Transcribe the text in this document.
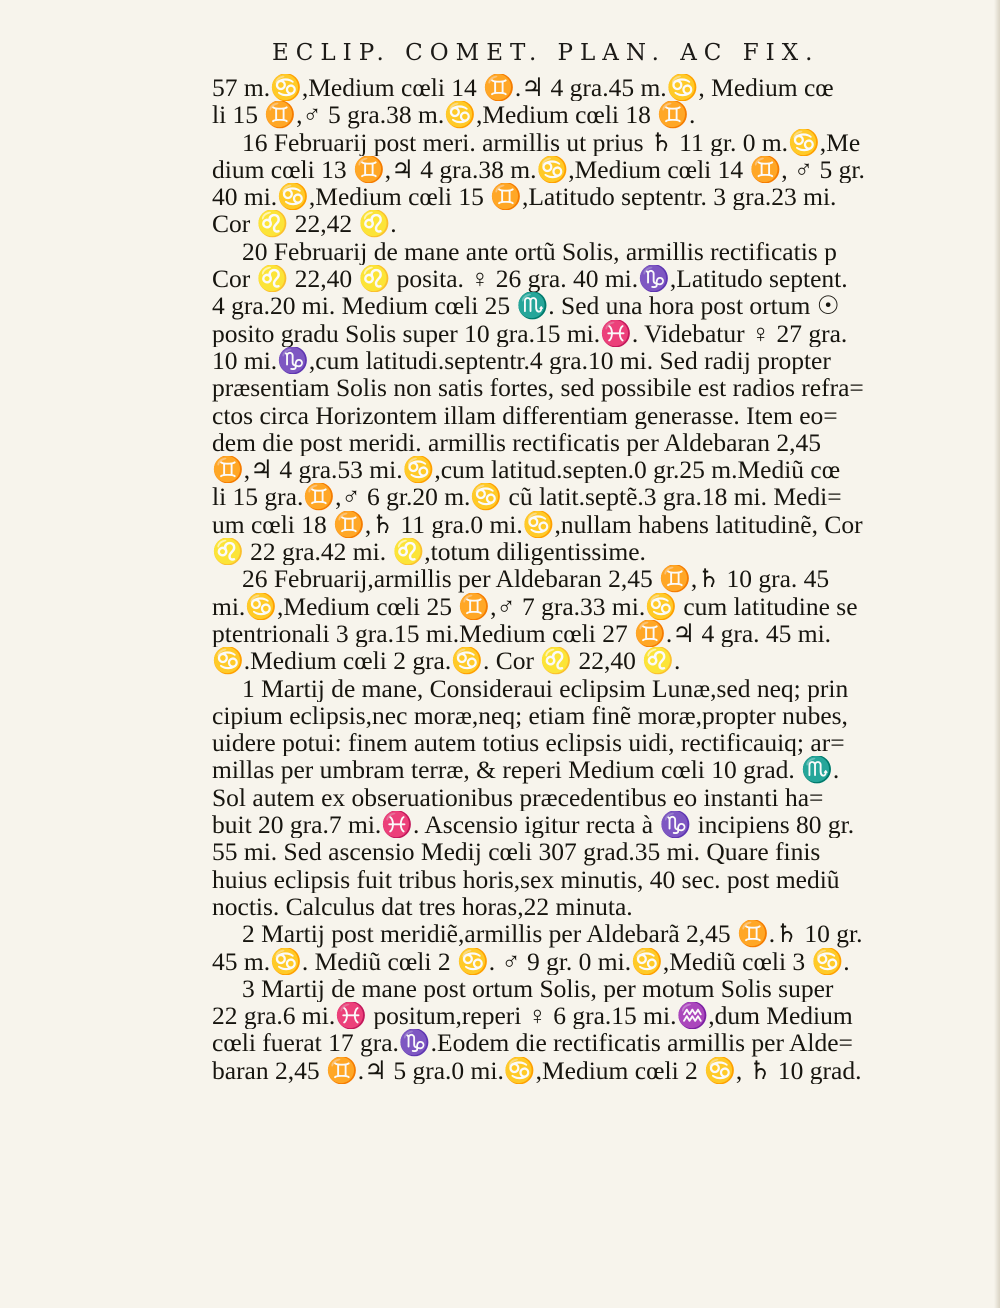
ECLIP. COMET. PLAN. AC FIX.
57 m.♋,Medium cœli 14 ♊.♃ 4 gra.45 m.♋, Medium cœ
li 15 ♊,♂ 5 gra.38 m.♋,Medium cœli 18 ♊.
16 Februarij post meri. armillis ut prius ♄ 11 gr. 0 m.♋,Me
dium cœli 13 ♊,♃ 4 gra.38 m.♋,Medium cœli 14 ♊, ♂ 5 gr.
40 mi.♋,Medium cœli 15 ♊,Latitudo septentr. 3 gra.23 mi.
Cor ♌ 22,42 ♌.
20 Februarij de mane ante ortũ Solis, armillis rectificatis p
Cor ♌ 22,40 ♌ posita. ♀ 26 gra. 40 mi.♑,Latitudo septent.
4 gra.20 mi. Medium cœli 25 ♏. Sed una hora post ortum ☉
posito gradu Solis super 10 gra.15 mi.♓. Videbatur ♀ 27 gra.
10 mi.♑,cum latitudi.septentr.4 gra.10 mi. Sed radij propter
præsentiam Solis non satis fortes, sed possibile est radios refra=
ctos circa Horizontem illam differentiam generasse. Item eo=
dem die post meridi. armillis rectificatis per Aldebaran 2,45
♊,♃ 4 gra.53 mi.♋,cum latitud.septen.0 gr.25 m.Mediũ cœ
li 15 gra.♊,♂ 6 gr.20 m.♋ cũ latit.septẽ.3 gra.18 mi. Medi=
um cœli 18 ♊,♄ 11 gra.0 mi.♋,nullam habens latitudinẽ, Cor
♌ 22 gra.42 mi. ♌,totum diligentissime.
26 Februarij,armillis per Aldebaran 2,45 ♊,♄ 10 gra. 45
mi.♋,Medium cœli 25 ♊,♂ 7 gra.33 mi.♋ cum latitudine se
ptentrionali 3 gra.15 mi.Medium cœli 27 ♊.♃ 4 gra. 45 mi.
♋.Medium cœli 2 gra.♋. Cor ♌ 22,40 ♌.
1 Martij de mane, Consideraui eclipsim Lunæ,sed neq; prin
cipium eclipsis,nec moræ,neq; etiam finẽ moræ,propter nubes,
uidere potui: finem autem totius eclipsis uidi, rectificauiq; ar=
millas per umbram terræ, & reperi Medium cœli 10 grad. ♏.
Sol autem ex obseruationibus præcedentibus eo instanti ha=
buit 20 gra.7 mi.♓. Ascensio igitur recta à ♑ incipiens 80 gr.
55 mi. Sed ascensio Medij cœli 307 grad.35 mi. Quare finis
huius eclipsis fuit tribus horis,sex minutis, 40 sec. post mediũ
noctis. Calculus dat tres horas,22 minuta.
2 Martij post meridiẽ,armillis per Aldebarã 2,45 ♊.♄ 10 gr.
45 m.♋. Mediũ cœli 2 ♋. ♂ 9 gr. 0 mi.♋,Mediũ cœli 3 ♋.
3 Martij de mane post ortum Solis, per motum Solis super
22 gra.6 mi.♓ positum,reperi ♀ 6 gra.15 mi.♒,dum Medium
cœli fuerat 17 gra.♑.Eodem die rectificatis armillis per Alde=
baran 2,45 ♊.♃ 5 gra.0 mi.♋,Medium cœli 2 ♋, ♄ 10 grad.
